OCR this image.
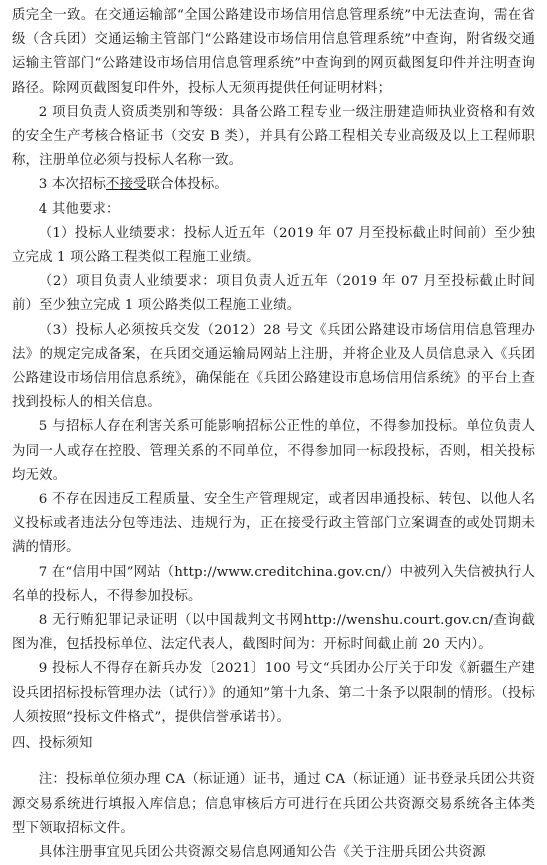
质完全一致。在交通运输部“全国公路建设市场信用信息管理系统”中无法查询，需在省级（含兵团）交通运输主管部门“公路建设市场信用信息管理系统”中查询，附省级交通运输主管部门“公路建设市场信用信息管理系统”中查询到的网页截图复印件并注明查询路径。除网页截图复印件外，投标人无须再提供任何证明材料；

2 项目负责人资质类别和等级：具备公路工程专业一级注册建造师执业资格和有效的安全生产考核合格证书（交安 B 类），并具有公路工程相关专业高级及以上工程师职称，注册单位必须与投标人名称一致。

3 本次招标不接受联合体投标。

4 其他要求：

（1）投标人业绩要求：投标人近五年（2019 年 07 月至投标截止时间前）至少独立完成 1 项公路工程类似工程施工业绩。

（2）项目负责人业绩要求：项目负责人近五年（2019 年 07 月至投标截止时间前）至少独立完成 1 项公路类似工程施工业绩。

（3）投标人必须按兵交发（2012）28 号文《兵团公路建设市场信用信息管理办法》的规定完成备案，在兵团交通运输局网站上注册，并将企业及人员信息录入《兵团公路建设市场信用信息系统》，确保能在《兵团公路建设市息场信用信系统》的平台上查找到投标人的相关信息。

5 与招标人存在利害关系可能影响招标公正性的单位，不得参加投标。单位负责人为同一人或存在控股、管理关系的不同单位，不得参加同一标段投标，否则，相关投标均无效。

6 不存在因违反工程质量、安全生产管理规定，或者因串通投标、转包、以他人名义投标或者违法分包等违法、违规行为，正在接受行政主管部门立案调查的或处罚期未满的情形。

7 在“信用中国”网站（http://www.creditchina.gov.cn/）中被列入失信被执行人名单的投标人，不得参加投标。

8 无行贿犯罪记录证明（以中国裁判文书网http://wenshu.court.gov.cn/查询截图为准，包括投标单位、法定代表人，截图时间为：开标时间截止前 20 天内）。

9 投标人不得存在新兵办发〔2021〕100 号文“兵团办公厅关于印发《新疆生产建设兵团招标投标管理办法（试行）》的通知”第十九条、第二十条予以限制的情形。（投标人须按照“投标文件格式”，提供信誉承诺书）。

四、投标须知

注：投标单位须办理 CA（标证通）证书，通过 CA（标证通）证书登录兵团公共资源交易系统进行填报入库信息；信息审核后方可进行在兵团公共资源交易系统各主体类型下领取招标文件。

具体注册事宜见兵团公共资源交易信息网通知公告《关于注册兵团公共资源
